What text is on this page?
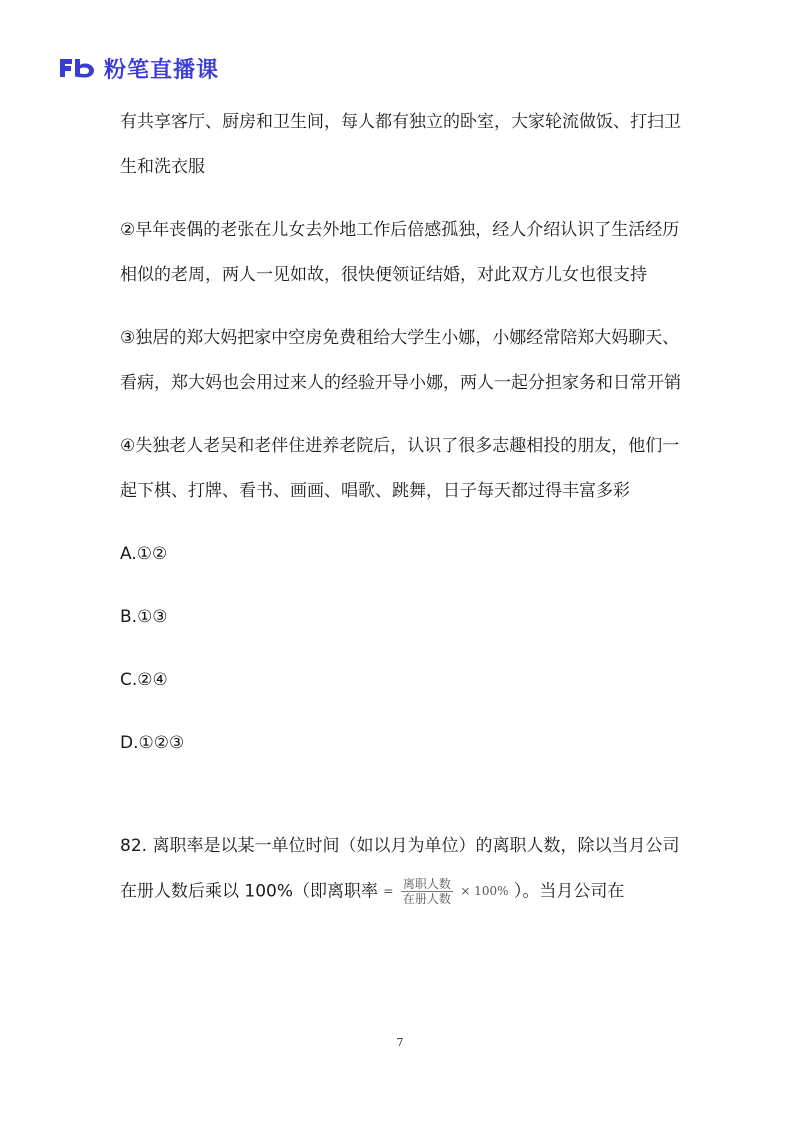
粉笔直播课

有共享客厅、厨房和卫生间，每人都有独立的卧室，大家轮流做饭、打扫卫生和洗衣服

②早年丧偶的老张在儿女去外地工作后倍感孤独，经人介绍认识了生活经历相似的老周，两人一见如故，很快便领证结婚，对此双方儿女也很支持

③独居的郑大妈把家中空房免费租给大学生小娜，小娜经常陪郑大妈聊天、看病，郑大妈也会用过来人的经验开导小娜，两人一起分担家务和日常开销

④失独老人老吴和老伴住进养老院后，认识了很多志趣相投的朋友，他们一起下棋、打牌、看书、画画、唱歌、跳舞，日子每天都过得丰富多彩

A.①②
B.①③
C.②④
D.①②③
82. 离职率是以某一单位时间（如以月为单位）的离职人数，除以当月公司在册人数后乘以 100%（即离职率 = $\frac{\text{离职人数}}{\text{在册人数}} \times 100\%$ ）。当月公司在
7
